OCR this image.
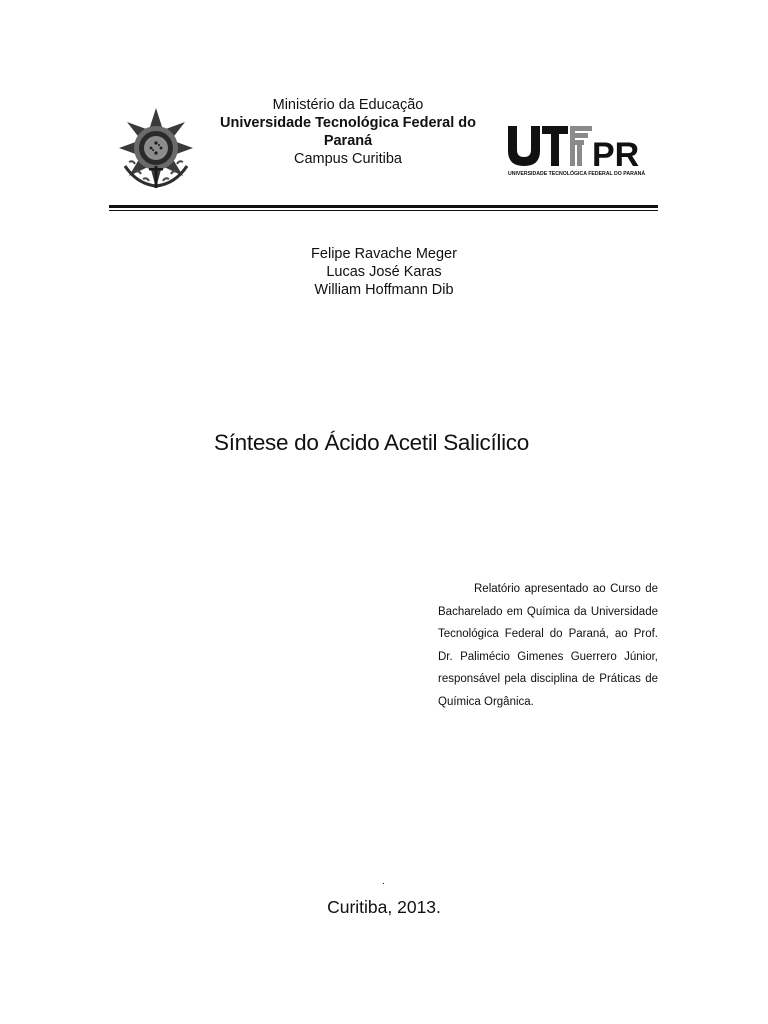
Ministério da Educação
Universidade Tecnológica Federal do
Paraná
Campus Curitiba	PR
UNIVERSIDADE TECNOLÓGICA FEDERAL DO PARANÁ
Felipe Ravache Meger
Lucas José Karas
William Hoffmann Dib
Síntese do Ácido Acetil Salicílico

Relatório apresentado ao Curso de Bacharelado em Química da Universidade Tecnológica Federal do Paraná, ao Prof. Dr. Palimécio Gimenes Guerrero Júnior, responsável pela disciplina de Práticas de Química Orgânica.

.
Curitiba, 2013.
